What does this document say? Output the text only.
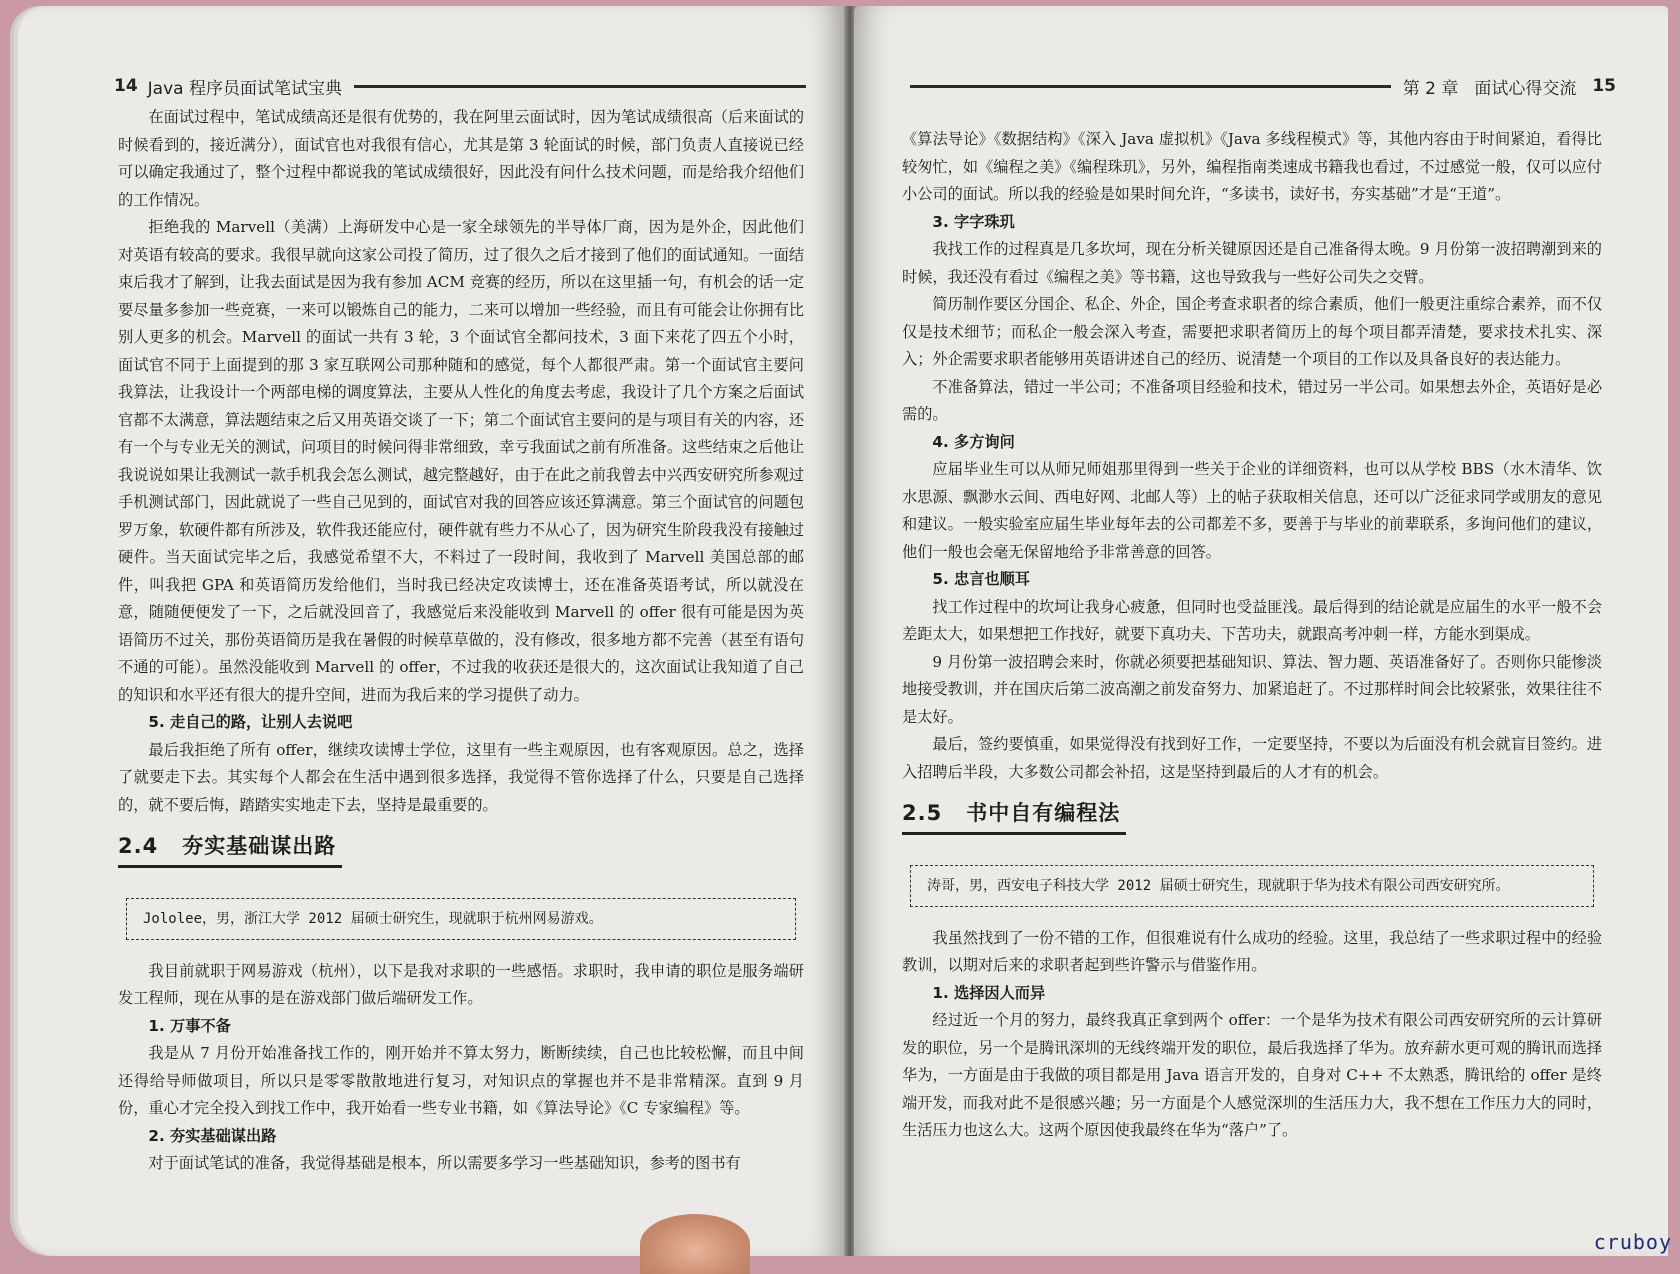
14 Java 程序员面试笔试宝典

在面试过程中，笔试成绩高还是很有优势的，我在阿里云面试时，因为笔试成绩很高（后来面试的时候看到的，接近满分），面试官也对我很有信心，尤其是第 3 轮面试的时候，部门负责人直接说已经可以确定我通过了，整个过程中都说我的笔试成绩很好，因此没有问什么技术问题，而是给我介绍他们的工作情况。

拒绝我的 Marvell（美满）上海研发中心是一家全球领先的半导体厂商，因为是外企，因此他们对英语有较高的要求。我很早就向这家公司投了简历，过了很久之后才接到了他们的面试通知。一面结束后我才了解到，让我去面试是因为我有参加 ACM 竞赛的经历，所以在这里插一句，有机会的话一定要尽量多参加一些竞赛，一来可以锻炼自己的能力，二来可以增加一些经验，而且有可能会让你拥有比别人更多的机会。Marvell 的面试一共有 3 轮，3 个面试官全都问技术，3 面下来花了四五个小时，面试官不同于上面提到的那 3 家互联网公司那种随和的感觉，每个人都很严肃。第一个面试官主要问我算法，让我设计一个两部电梯的调度算法，主要从人性化的角度去考虑，我设计了几个方案之后面试官都不太满意，算法题结束之后又用英语交谈了一下；第二个面试官主要问的是与项目有关的内容，还有一个与专业无关的测试，问项目的时候问得非常细致，幸亏我面试之前有所准备。这些结束之后他让我说说如果让我测试一款手机我会怎么测试，越完整越好，由于在此之前我曾去中兴西安研究所参观过手机测试部门，因此就说了一些自己见到的，面试官对我的回答应该还算满意。第三个面试官的问题包罗万象，软硬件都有所涉及，软件我还能应付，硬件就有些力不从心了，因为研究生阶段我没有接触过硬件。当天面试完毕之后，我感觉希望不大，不料过了一段时间，我收到了 Marvell 美国总部的邮件，叫我把 GPA 和英语简历发给他们，当时我已经决定攻读博士，还在准备英语考试，所以就没在意，随随便便发了一下，之后就没回音了，我感觉后来没能收到 Marvell 的 offer 很有可能是因为英语简历不过关，那份英语简历是我在暑假的时候草草做的，没有修改，很多地方都不完善（甚至有语句不通的可能）。虽然没能收到 Marvell 的 offer，不过我的收获还是很大的，这次面试让我知道了自己的知识和水平还有很大的提升空间，进而为我后来的学习提供了动力。

5. 走自己的路，让别人去说吧

最后我拒绝了所有 offer，继续攻读博士学位，这里有一些主观原因，也有客观原因。总之，选择了就要走下去。其实每个人都会在生活中遇到很多选择，我觉得不管你选择了什么，只要是自己选择的，就不要后悔，踏踏实实地走下去，坚持是最重要的。

2.4 夯实基础谋出路
Jololee，男，浙江大学 2012 届硕士研究生，现就职于杭州网易游戏。

我目前就职于网易游戏（杭州），以下是我对求职的一些感悟。求职时，我申请的职位是服务端研发工程师，现在从事的是在游戏部门做后端研发工作。

1. 万事不备

我是从 7 月份开始准备找工作的，刚开始并不算太努力，断断续续，自己也比较松懈，而且中间还得给导师做项目，所以只是零零散散地进行复习，对知识点的掌握也并不是非常精深。直到 9 月份，重心才完全投入到找工作中，我开始看一些专业书籍，如《算法导论》《C 专家编程》等。

2. 夯实基础谋出路

对于面试笔试的准备，我觉得基础是根本，所以需要多学习一些基础知识，参考的图书有

第 2 章 面试心得交流 15

《算法导论》《数据结构》《深入 Java 虚拟机》《Java 多线程模式》等，其他内容由于时间紧迫，看得比较匆忙，如《编程之美》《编程珠玑》，另外，编程指南类速成书籍我也看过，不过感觉一般，仅可以应付小公司的面试。所以我的经验是如果时间允许，“多读书，读好书，夯实基础”才是“王道”。

3. 字字珠玑

我找工作的过程真是几多坎坷，现在分析关键原因还是自己准备得太晚。9 月份第一波招聘潮到来的时候，我还没有看过《编程之美》等书籍，这也导致我与一些好公司失之交臂。

简历制作要区分国企、私企、外企，国企考查求职者的综合素质，他们一般更注重综合素养，而不仅仅是技术细节；而私企一般会深入考查，需要把求职者简历上的每个项目都弄清楚，要求技术扎实、深入；外企需要求职者能够用英语讲述自己的经历、说清楚一个项目的工作以及具备良好的表达能力。

不准备算法，错过一半公司；不准备项目经验和技术，错过另一半公司。如果想去外企，英语好是必需的。

4. 多方询问

应届毕业生可以从师兄师姐那里得到一些关于企业的详细资料，也可以从学校 BBS（水木清华、饮水思源、飘渺水云间、西电好网、北邮人等）上的帖子获取相关信息，还可以广泛征求同学或朋友的意见和建议。一般实验室应届生毕业每年去的公司都差不多，要善于与毕业的前辈联系，多询问他们的建议，他们一般也会毫无保留地给予非常善意的回答。

5. 忠言也顺耳

找工作过程中的坎坷让我身心疲惫，但同时也受益匪浅。最后得到的结论就是应届生的水平一般不会差距太大，如果想把工作找好，就要下真功夫、下苦功夫，就跟高考冲刺一样，方能水到渠成。

9 月份第一波招聘会来时，你就必须要把基础知识、算法、智力题、英语准备好了。否则你只能惨淡地接受教训，并在国庆后第二波高潮之前发奋努力、加紧追赶了。不过那样时间会比较紧张，效果往往不是太好。

最后，签约要慎重，如果觉得没有找到好工作，一定要坚持，不要以为后面没有机会就盲目签约。进入招聘后半段，大多数公司都会补招，这是坚持到最后的人才有的机会。

2.5 书中自有编程法
涛哥，男，西安电子科技大学 2012 届硕士研究生，现就职于华为技术有限公司西安研究所。

我虽然找到了一份不错的工作，但很难说有什么成功的经验。这里，我总结了一些求职过程中的经验教训，以期对后来的求职者起到些许警示与借鉴作用。

1. 选择因人而异

经过近一个月的努力，最终我真正拿到两个 offer：一个是华为技术有限公司西安研究所的云计算研发的职位，另一个是腾讯深圳的无线终端开发的职位，最后我选择了华为。放弃薪水更可观的腾讯而选择华为，一方面是由于我做的项目都是用 Java 语言开发的，自身对 C++ 不太熟悉，腾讯给的 offer 是终端开发，而我对此不是很感兴趣；另一方面是个人感觉深圳的生活压力大，我不想在工作压力大的同时，生活压力也这么大。这两个原因使我最终在华为“落户”了。

cruboy
